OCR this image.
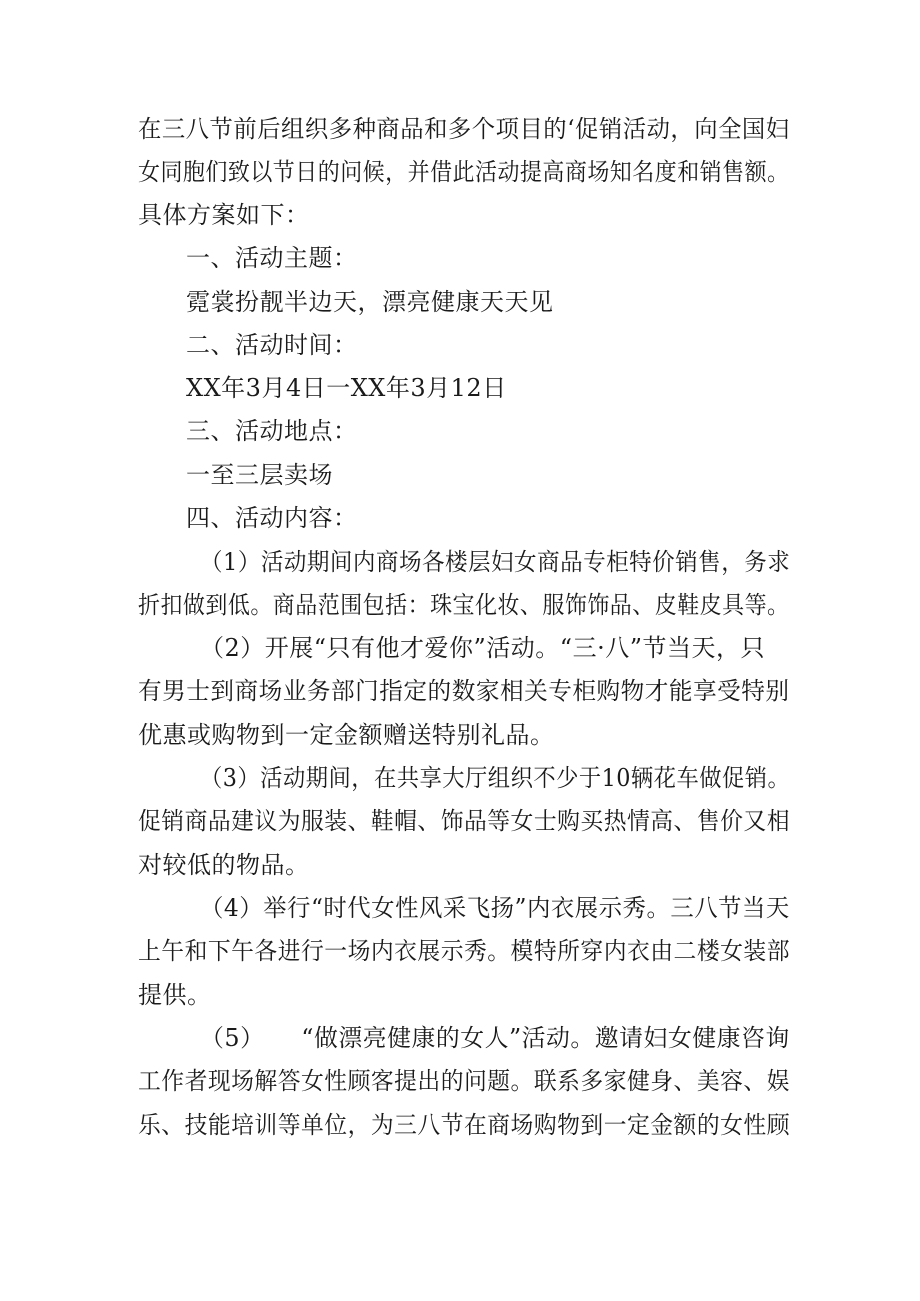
在三八节前后组织多种商品和多个项目的‘促销活动，向全国妇
女同胞们致以节日的问候，并借此活动提高商场知名度和销售额。
具体方案如下：
一、活动主题：
霓裳扮靓半边天，漂亮健康天天见
二、活动时间：
XX年3月4日一XX年3月12日
三、活动地点：
一至三层卖场
四、活动内容：
（1）活动期间内商场各楼层妇女商品专柜特价销售，务求
折扣做到低。商品范围包括：珠宝化妆、服饰饰品、皮鞋皮具等。
（2）开展“只有他才爱你”活动。“三·八”节当天，只
有男士到商场业务部门指定的数家相关专柜购物才能享受特别
优惠或购物到一定金额赠送特别礼品。
（3）活动期间，在共享大厅组织不少于10辆花车做促销。
促销商品建议为服装、鞋帽、饰品等女士购买热情高、售价又相
对较低的物品。
（4）举行“时代女性风采飞扬”内衣展示秀。三八节当天
上午和下午各进行一场内衣展示秀。模特所穿内衣由二楼女装部
提供。
（5）　　“做漂亮健康的女人”活动。邀请妇女健康咨询
工作者现场解答女性顾客提出的问题。联系多家健身、美容、娱
乐、技能培训等单位，为三八节在商场购物到一定金额的女性顾
